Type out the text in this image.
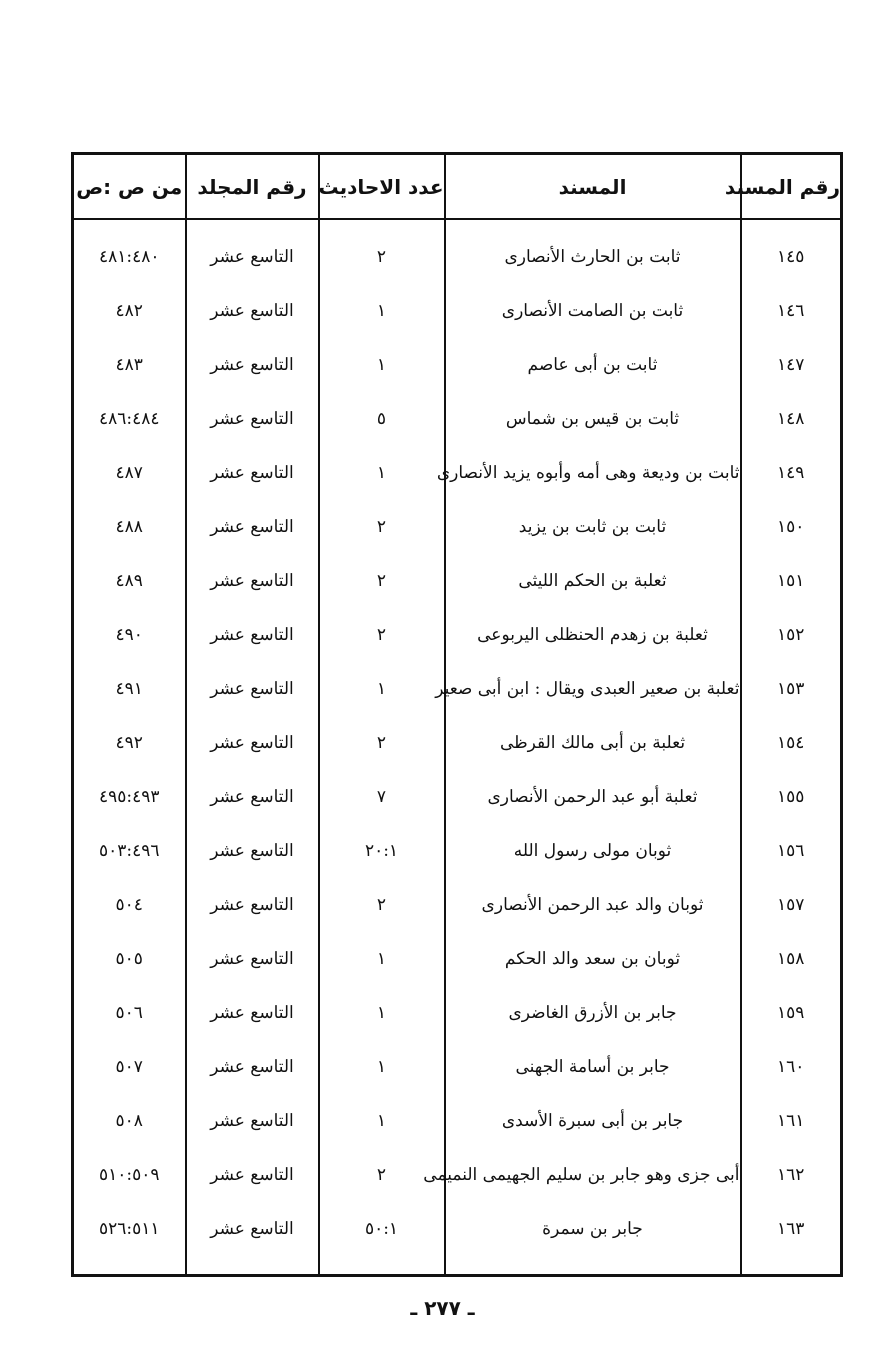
رقم المسند	المسند	عدد الاحاديث	رقم المجلد	من ص :ص
١٤٥	ثابت بن الحارث الأنصارى	٢	التاسع عشر	٤٨١:٤٨٠
١٤٦	ثابت بن الصامت الأنصارى	١	التاسع عشر	٤٨٢
١٤٧	ثابت بن أبى عاصم	١	التاسع عشر	٤٨٣
١٤٨	ثابت بن قيس بن شماس	٥	التاسع عشر	٤٨٦:٤٨٤
١٤٩	ثابت بن وديعة وهى أمه وأبوه يزيد الأنصارى	١	التاسع عشر	٤٨٧
١٥٠	ثابت بن ثابت بن يزيد	٢	التاسع عشر	٤٨٨
١٥١	ثعلبة بن الحكم الليثى	٢	التاسع عشر	٤٨٩
١٥٢	ثعلبة بن زهدم الحنظلى اليربوعى	٢	التاسع عشر	٤٩٠
١٥٣	ثعلبة بن صعير العبدى ويقال : ابن أبى صعير	١	التاسع عشر	٤٩١
١٥٤	ثعلبة بن أبى مالك القرظى	٢	التاسع عشر	٤٩٢
١٥٥	ثعلبة أبو عبد الرحمن الأنصارى	٧	التاسع عشر	٤٩٥:٤٩٣
١٥٦	ثوبان مولى رسول الله	٢٠:١	التاسع عشر	٥٠٣:٤٩٦
١٥٧	ثوبان والد عبد الرحمن الأنصارى	٢	التاسع عشر	٥٠٤
١٥٨	ثوبان بن سعد والد الحكم	١	التاسع عشر	٥٠٥
١٥٩	جابر بن الأزرق الغاضرى	١	التاسع عشر	٥٠٦
١٦٠	جابر بن أسامة الجهنى	١	التاسع عشر	٥٠٧
١٦١	جابر بن أبى سبرة الأسدى	١	التاسع عشر	٥٠٨
١٦٢	أبى جزى وهو جابر بن سليم الجهيمى النميمى	٢	التاسع عشر	٥١٠:٥٠٩
١٦٣	جابر بن سمرة	٥٠:١	التاسع عشر	٥٢٦:٥١١

ـ ٢٧٧ ـ
